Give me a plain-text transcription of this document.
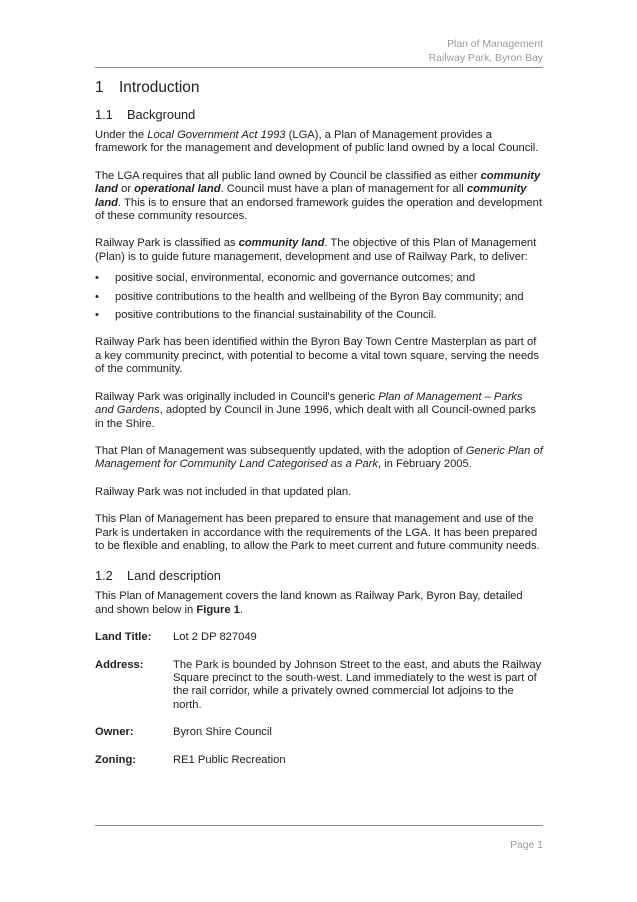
Plan of Management
Railway Park, Byron Bay
1 Introduction
1.1 Background

Under the Local Government Act 1993 (LGA), a Plan of Management provides a framework for the management and development of public land owned by a local Council.

The LGA requires that all public land owned by Council be classified as either community land or operational land. Council must have a plan of management for all community land. This is to ensure that an endorsed framework guides the operation and development of these community resources.

Railway Park is classified as community land. The objective of this Plan of Management (Plan) is to guide future management, development and use of Railway Park, to deliver:

• positive social, environmental, economic and governance outcomes; and
• positive contributions to the health and wellbeing of the Byron Bay community; and
• positive contributions to the financial sustainability of the Council.

Railway Park has been identified within the Byron Bay Town Centre Masterplan as part of a key community precinct, with potential to become a vital town square, serving the needs of the community.

Railway Park was originally included in Council's generic Plan of Management – Parks and Gardens, adopted by Council in June 1996, which dealt with all Council-owned parks in the Shire.

That Plan of Management was subsequently updated, with the adoption of Generic Plan of Management for Community Land Categorised as a Park, in February 2005.

Railway Park was not included in that updated plan.

This Plan of Management has been prepared to ensure that management and use of the Park is undertaken in accordance with the requirements of the LGA. It has been prepared to be flexible and enabling, to allow the Park to meet current and future community needs.

1.2 Land description

This Plan of Management covers the land known as Railway Park, Byron Bay, detailed and shown below in Figure 1.

Land Title:	Lot 2 DP 827049
Address:	The Park is bounded by Johnson Street to the east, and abuts the Railway Square precinct to the south-west. Land immediately to the west is part of the rail corridor, while a privately owned commercial lot adjoins to the north.
Owner:	Byron Shire Council
Zoning:	RE1 Public Recreation
Page 1
